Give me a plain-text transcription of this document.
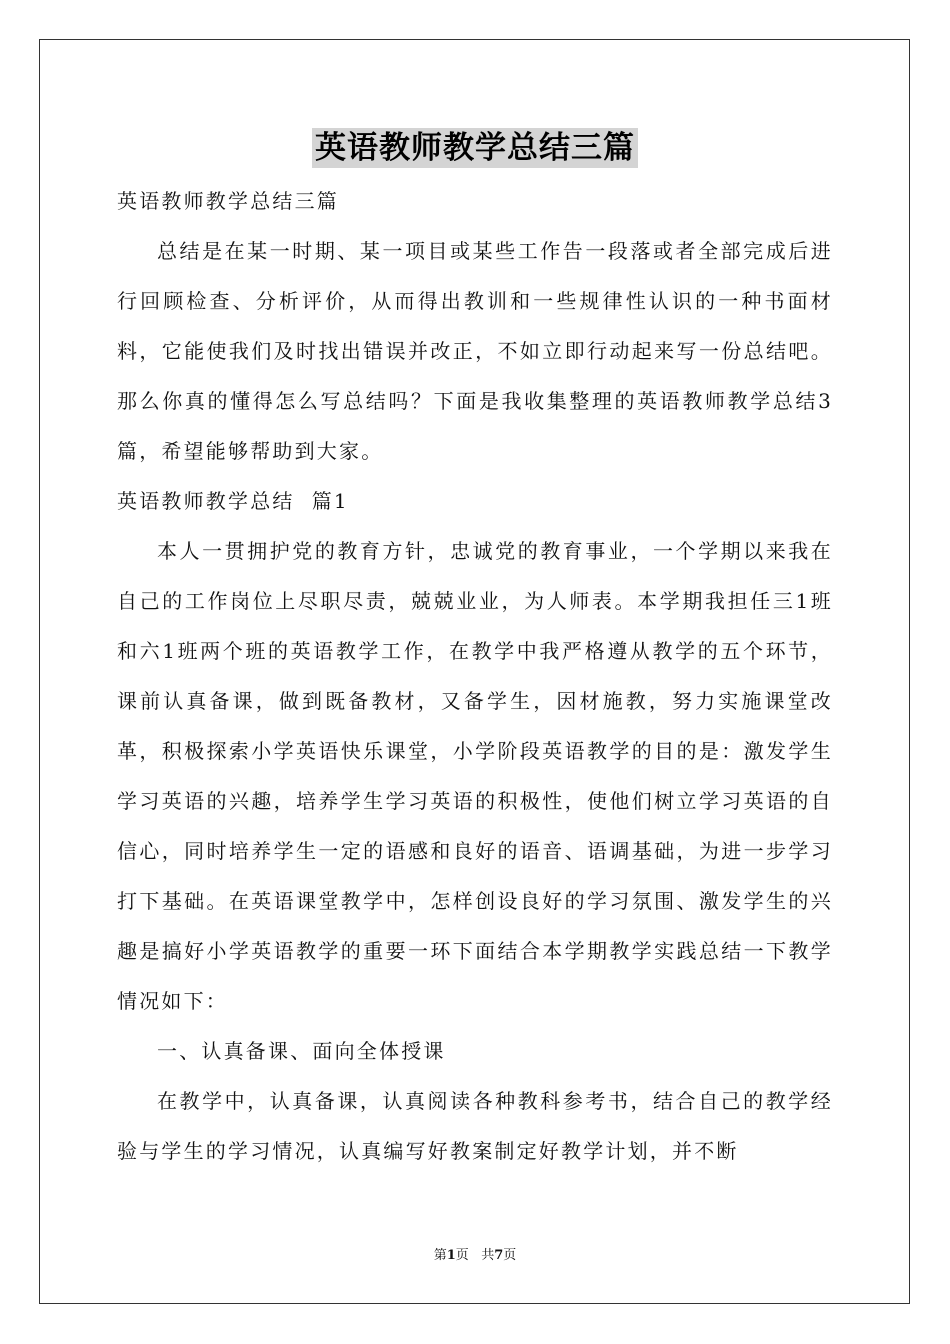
英语教师教学总结三篇

英语教师教学总结三篇

总结是在某一时期、某一项目或某些工作告一段落或者全部完成后进行回顾检查、分析评价，从而得出教训和一些规律性认识的一种书面材料，它能使我们及时找出错误并改正，不如立即行动起来写一份总结吧。那么你真的懂得怎么写总结吗？下面是我收集整理的英语教师教学总结3篇，希望能够帮助到大家。

英语教师教学总结  篇1

本人一贯拥护党的教育方针，忠诚党的教育事业，一个学期以来我在自己的工作岗位上尽职尽责，兢兢业业，为人师表。本学期我担任三1班和六1班两个班的英语教学工作，在教学中我严格遵从教学的五个环节，课前认真备课，做到既备教材，又备学生，因材施教，努力实施课堂改革，积极探索小学英语快乐课堂，小学阶段英语教学的目的是：激发学生学习英语的兴趣，培养学生学习英语的积极性，使他们树立学习英语的自信心，同时培养学生一定的语感和良好的语音、语调基础，为进一步学习打下基础。在英语课堂教学中，怎样创设良好的学习氛围、激发学生的兴趣是搞好小学英语教学的重要一环下面结合本学期教学实践总结一下教学情况如下：

一、认真备课、面向全体授课

在教学中，认真备课，认真阅读各种教科参考书，结合自己的教学经验与学生的学习情况，认真编写好教案制定好教学计划，并不断

第1页 共7页
